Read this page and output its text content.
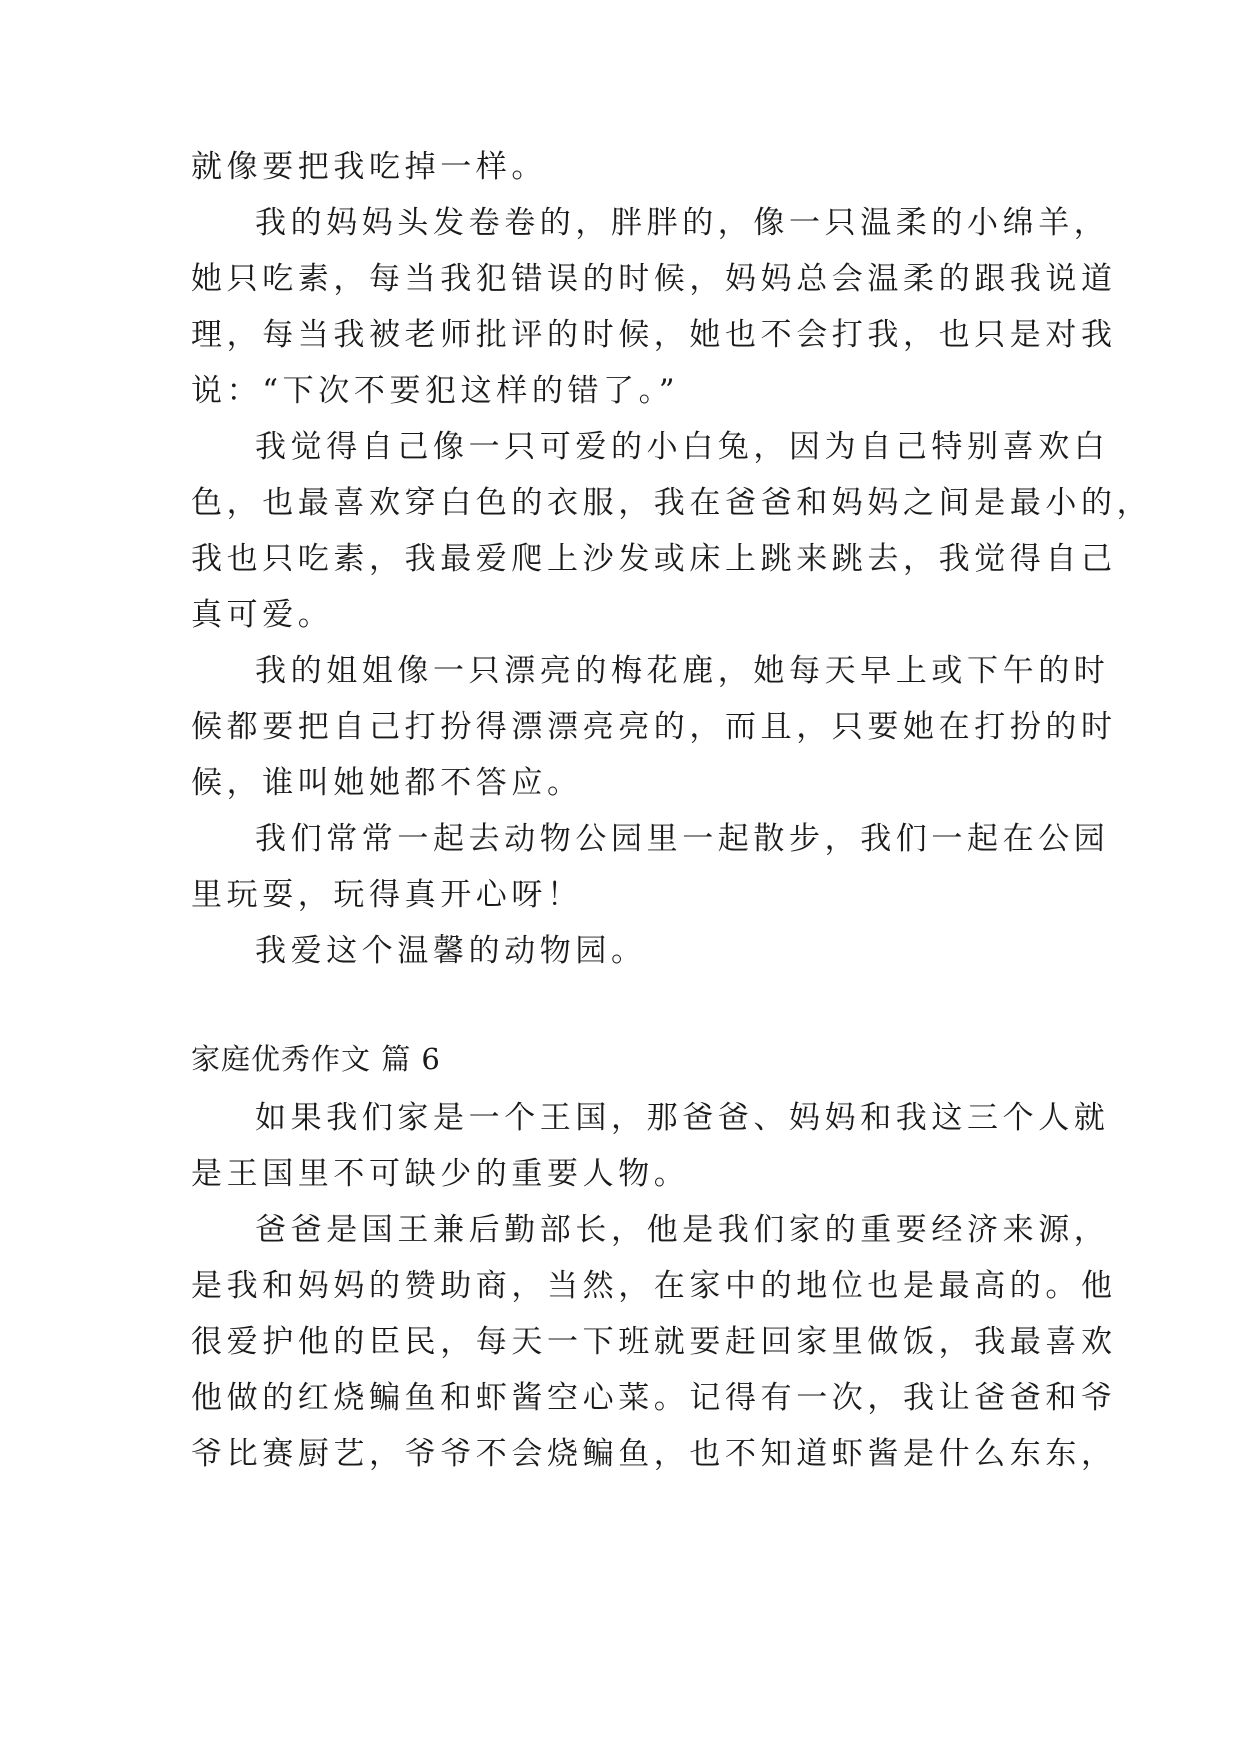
就像要把我吃掉一样。
我的妈妈头发卷卷的，胖胖的，像一只温柔的小绵羊，
她只吃素，每当我犯错误的时候，妈妈总会温柔的跟我说道
理，每当我被老师批评的时候，她也不会打我，也只是对我
说：“下次不要犯这样的错了。”
我觉得自己像一只可爱的小白兔，因为自己特别喜欢白
色，也最喜欢穿白色的衣服，我在爸爸和妈妈之间是最小的，
我也只吃素，我最爱爬上沙发或床上跳来跳去，我觉得自己
真可爱。
我的姐姐像一只漂亮的梅花鹿，她每天早上或下午的时
候都要把自己打扮得漂漂亮亮的，而且，只要她在打扮的时
候，谁叫她她都不答应。
我们常常一起去动物公园里一起散步，我们一起在公园
里玩耍，玩得真开心呀！
我爱这个温馨的动物园。
家庭优秀作文 篇 6
如果我们家是一个王国，那爸爸、妈妈和我这三个人就
是王国里不可缺少的重要人物。
爸爸是国王兼后勤部长，他是我们家的重要经济来源，
是我和妈妈的赞助商，当然，在家中的地位也是最高的。他
很爱护他的臣民，每天一下班就要赶回家里做饭，我最喜欢
他做的红烧鳊鱼和虾酱空心菜。记得有一次，我让爸爸和爷
爷比赛厨艺，爷爷不会烧鳊鱼，也不知道虾酱是什么东东，
